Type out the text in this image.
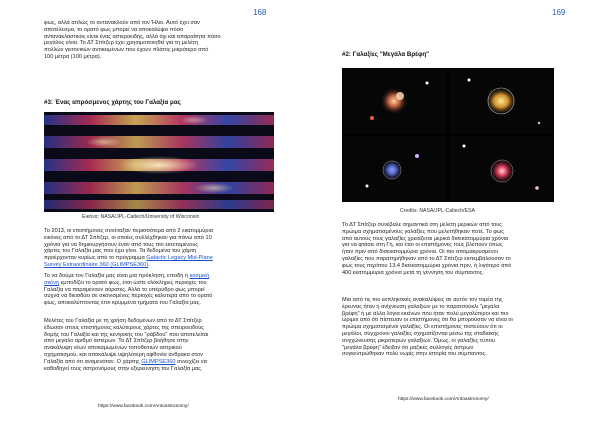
168
φως, αλλά απλώς το αντανακλούν από τον Ήλιο. Αυτό έχει σαν
αποτέλεσμα, το ορατό φως μπορεί να αποκαλύψει πόσο
αντανακλαστικός είναι ένας αστεροειδής, αλλά όχι και απαραίτητα πόσο
μεγάλος είναι. Το ΔΤ Σπίτζερ έχει χρησιμοποιηθεί για τη μελέτη
πολλών γειτονικών αντικειμένων που έχουν πλάτος μικρότερο από
100 μέτρα (100 μέτρα).
#3: Ένας απρόσμενος χάρτης του Γαλαξία μας
Εικόνα: NASA/JPL-Caltech/University of Wisconsin
Το 2013, οι επιστήμονες συνέταξαν περισσότερα από 2 εκατομμύρια
εικόνες από το ΔΤ Σπίτζερ, οι οποίες συλλέχθηκαν για πάνω από 10
χρόνια για να δημιουργήσουν έναν από τους πιο εκτεταμένους
χάρτες του Γαλαξία μας που έχει γίνει. Τα δεδομένα του χάρτη
προέρχονταν κυρίως από το πρόγραμμα Galactic Legacy Mid-Plane
Survey Extraordinaire 360 (GLIMPSE360).
Το να δούμε τον Γαλαξία μας είναι μια πρόκληση, επειδή η κοσμική
σκόνη εμποδίζει το ορατό φως, έτσι ώστε ολόκληρες περιοχές του
Γαλαξία να παραμένουν αόρατες. Αλλά το υπέρυθρο φως μπορεί
συχνά να διεισδύει σε σκονισμένες περιοχές καλύτερα από το ορατό
φως, αποκαλύπτοντας έτσι κρυμμένα τμήματα του Γαλαξία μας.
Μελέτες του Γαλαξία με τη χρήση δεδομένων από το ΔΤ Σπίτζερ
έδωσαν στους επιστήμονες καλύτερους χάρτες της σπειροειδούς
δομής του Γαλαξία και της κεντρικής του "ράβδου" που αποτελείται
από μεγάλο αριθμό αστέρων. Το ΔΤ Σπίτζερ βοήθησε στην
ανακάλυψη νέων αποκαμωμένων τοποθεσιών αστρικού
σχηματισμού, και αποκάλυψε υψηλότερη αφθονία άνθρακα στον
Γαλαξία από ότι αναμενόταν. Ο χάρτης GLIMPSE360 συνεχίζει να
καθοδηγεί τους αστρονόμους στην εξερεύνηση του Γαλαξία μας.
https://www.facebook.com/Antoastronomy/
169
#2: Γαλαξίες "Μεγάλα Βρέφη"
Credits: NASA/JPL-Caltech/ESA
Το ΔΤ Σπίτζερ συνέβαλε σημαντικά στη μελέτη μερικών από τους
πρώιμα σχηματισμένους γαλαξίες που μελετήθηκαν ποτέ. Το φως
από αυτούς τους γαλαξίες χρειάζεται μερικά δισεκατομμύρια χρόνια
για να φτάσει στη Γη, και έτσι οι επιστήμονες τους βλέπουν όπως
ήταν πριν από δισεκατομμύρια χρόνια. Οι πιο απομακρυσμένοι
γαλαξίες που παρατηρήθηκαν από το ΔΤ Σπίτζερ εκπεμβάλουσαν το
φως τους περίπου 13,4 δισεκατομμύρια χρόνια πριν, ή λιγότερο από
400 εκατομμύρια χρόνια μετά τη γέννηση του σύμπαντος.
Μια από τις πιο εκπληκτικές ανακαλύψεις σε αυτόν τον τομέα της
έρευνας ήταν η ανίχνευση γαλαξιών με το παρατσούκλι "μεγάλα
βρέφη" ή με άλλα λόγια εκείνων που ήταν πολύ μεγαλύτεροι και πιο
ώριμοι από ότι πίστευαν οι επιστήμονες ότι θα μπορούσαν να είναι οι
πρώιμα σχηματισμένοι γαλαξίες. Οι επιστήμονες πιστεύουν ότι οι
μεγάλοι, σύγχρονοι γαλαξίες σχηματίζονται μέσω της σταδιακής
συγχώνευσης μικρότερων γαλαξιών. Όμως, οι γαλαξίες τύπου
"μεγάλα βρέφη" έδειξαν ότι μαζικές συλλογές άστρων
συγκεντρώθηκαν πολύ νωρίς στην ιστορία του σύμπαντος.
https://www.facebook.com/Antoastronomy/
